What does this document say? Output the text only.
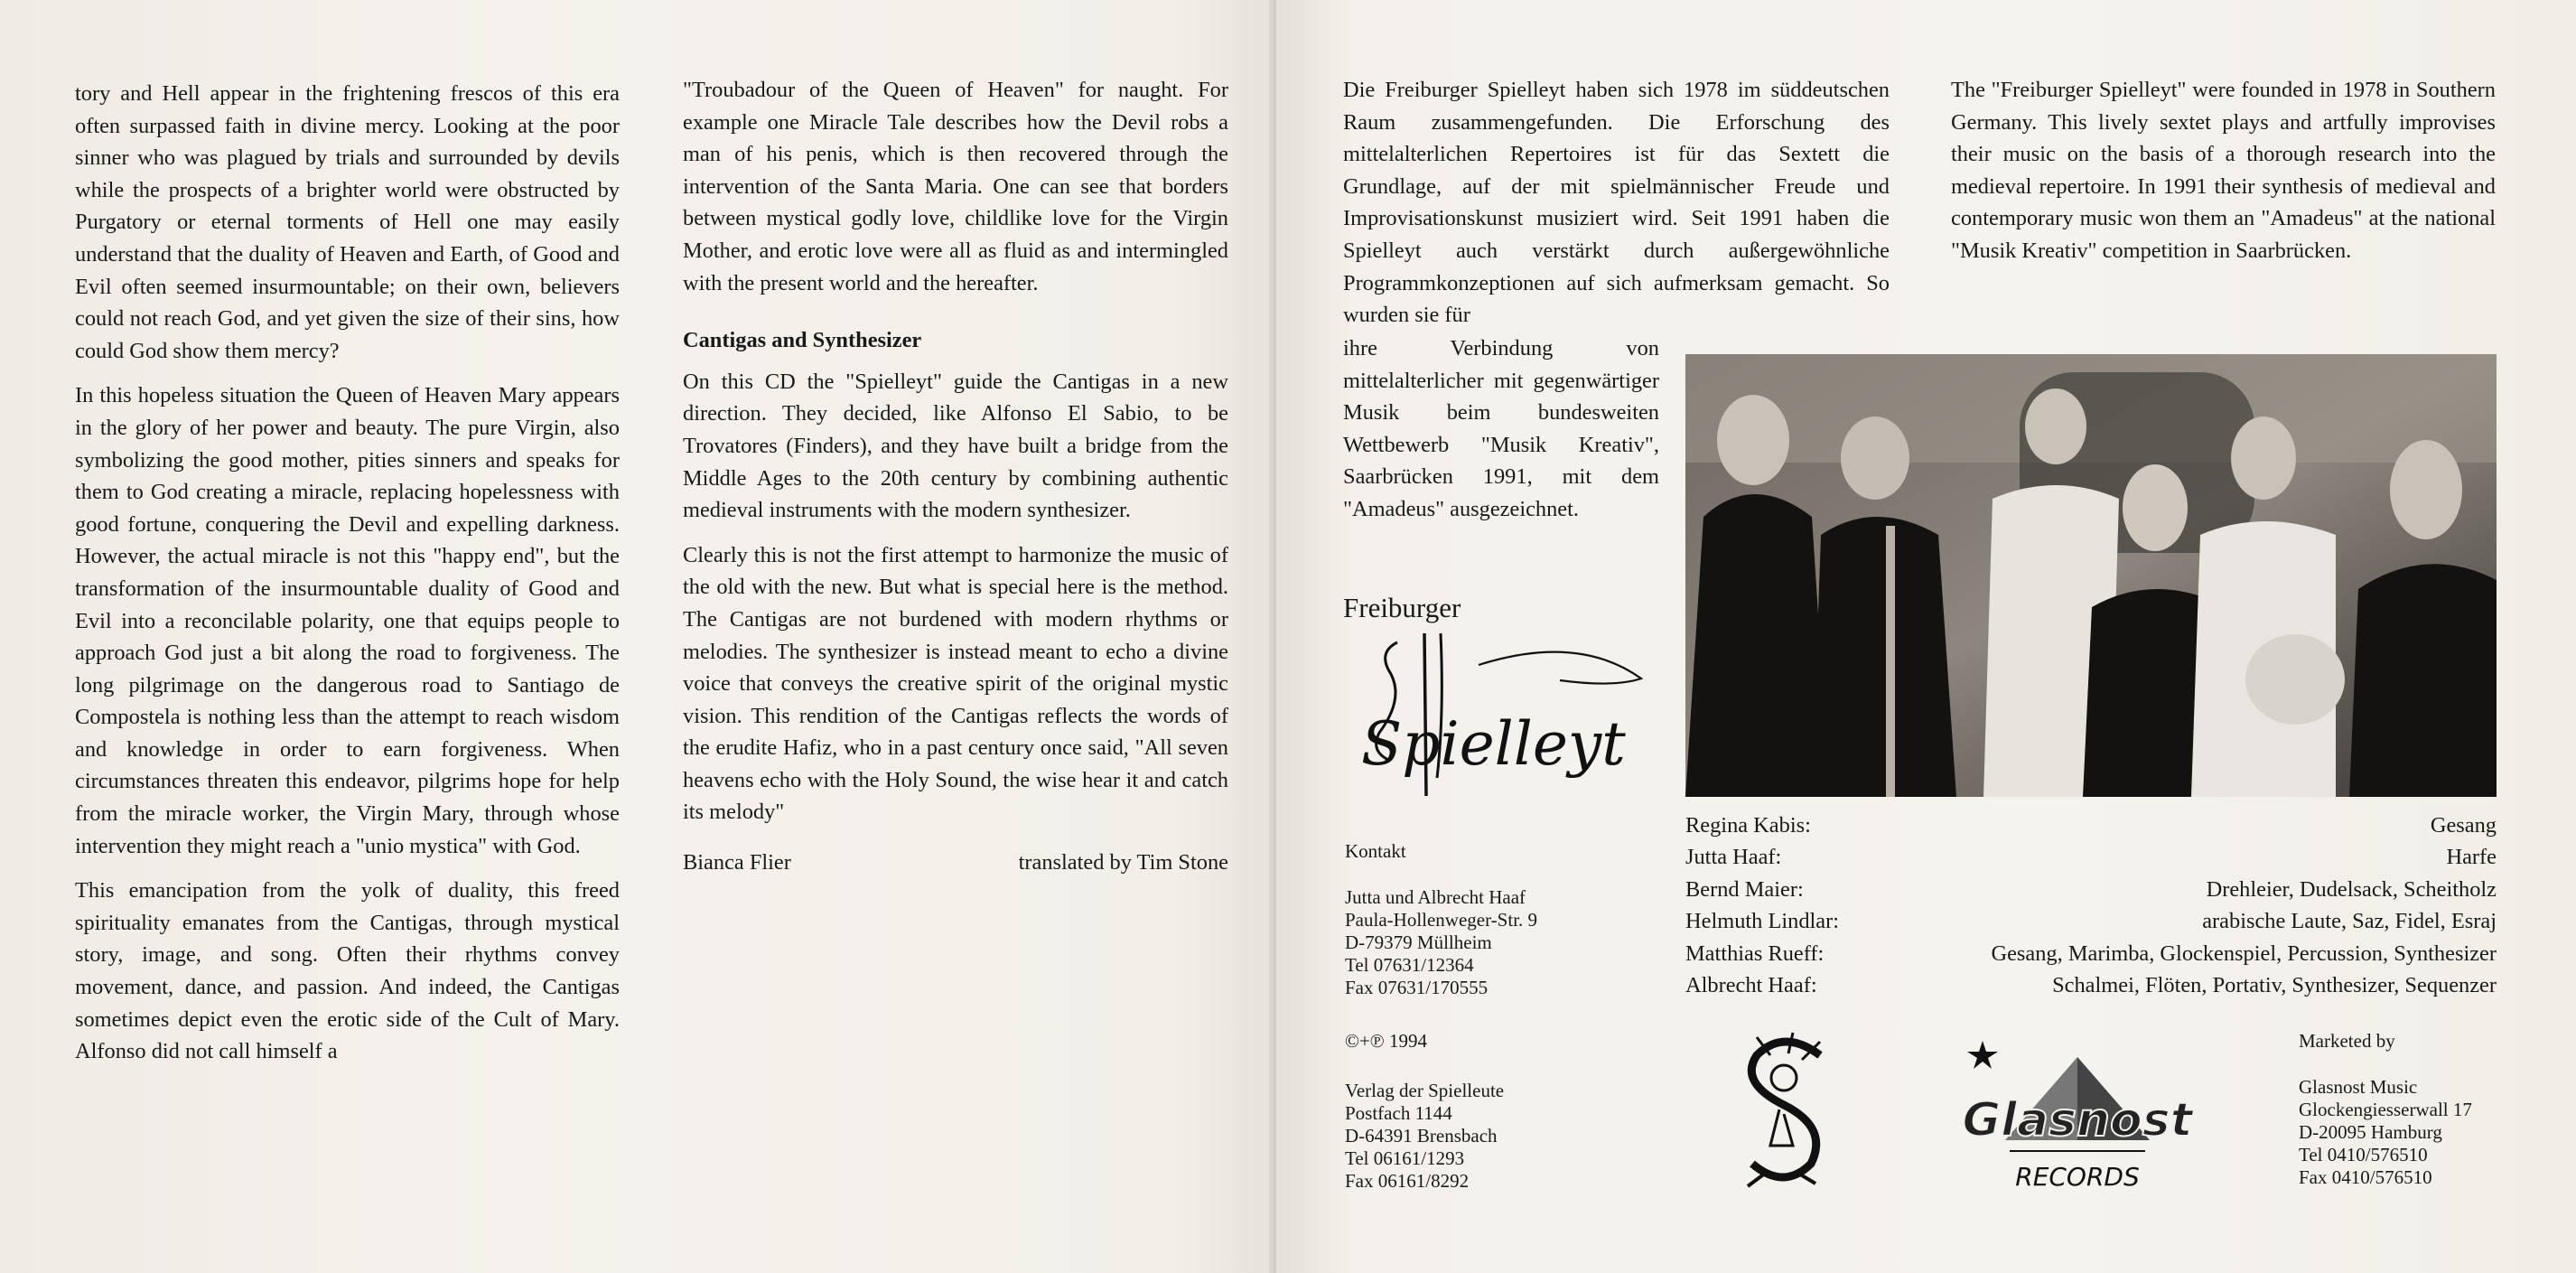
tory and Hell appear in the frightening frescos of this era often surpassed faith in divine mercy. Looking at the poor sinner who was plagued by trials and surrounded by devils while the prospects of a brighter world were obstructed by Purgatory or eternal torments of Hell one may easily understand that the duality of Heaven and Earth, of Good and Evil often seemed insurmountable; on their own, believers could not reach God, and yet given the size of their sins, how could God show them mercy?

In this hopeless situation the Queen of Heaven Mary appears in the glory of her power and beauty. The pure Virgin, also symbolizing the good mother, pities sinners and speaks for them to God creating a miracle, replacing hopelessness with good fortune, conquering the Devil and expelling darkness. However, the actual miracle is not this "happy end", but the transformation of the insurmountable duality of Good and Evil into a reconcilable polarity, one that equips people to approach God just a bit along the road to forgiveness. The long pilgrimage on the dangerous road to Santiago de Compostela is nothing less than the attempt to reach wisdom and knowledge in order to earn forgiveness. When circumstances threaten this endeavor, pilgrims hope for help from the miracle worker, the Virgin Mary, through whose intervention they might reach a "unio mystica" with God.

This emancipation from the yolk of duality, this freed spirituality emanates from the Cantigas, through mystical story, image, and song. Often their rhythms convey movement, dance, and passion. And indeed, the Cantigas sometimes depict even the erotic side of the Cult of Mary. Alfonso did not call himself a

"Troubadour of the Queen of Heaven" for naught. For example one Miracle Tale describes how the Devil robs a man of his penis, which is then recovered through the intervention of the Santa Maria. One can see that borders between mystical godly love, childlike love for the Virgin Mother, and erotic love were all as fluid as and intermingled with the present world and the hereafter.

Cantigas and Synthesizer

On this CD the "Spielleyt" guide the Cantigas in a new direction. They decided, like Alfonso El Sabio, to be Trovatores (Finders), and they have built a bridge from the Middle Ages to the 20th century by combining authentic medieval instruments with the modern synthesizer.

Clearly this is not the first attempt to harmonize the music of the old with the new. But what is special here is the method. The Cantigas are not burdened with modern rhythms or melodies. The synthesizer is instead meant to echo a divine voice that conveys the creative spirit of the original mystic vision. This rendition of the Cantigas reflects the words of the erudite Hafiz, who in a past century once said, "All seven heavens echo with the Holy Sound, the wise hear it and catch its melody"

Bianca Flier	translated by Tim Stone
Die Freiburger Spielleyt haben sich 1978 im süddeutschen Raum zusammengefunden. Die Erforschung des mittelalterlichen Repertoires ist für das Sextett die Grundlage, auf der mit spielmännischer Freude und Improvisationskunst musiziert wird. Seit 1991 haben die Spielleyt auch verstärkt durch außergewöhnliche Programmkonzeptionen auf sich aufmerksam gemacht. So wurden sie für
ihre Verbindung von mittelalterlicher mit gegenwärtiger Musik beim bundesweiten Wettbewerb "Musik Kreativ", Saarbrücken 1991, mit dem "Amadeus" ausgezeichnet.
The "Freiburger Spielleyt" were founded in 1978 in Southern Germany. This lively sextet plays and artfully improvises their music on the basis of a thorough research into the medieval repertoire. In 1991 their synthesis of medieval and contemporary music won them an "Amadeus" at the national "Musik Kreativ" competition in Saarbrücken.
Regina Kabis:	Gesang
Jutta Haaf:	Harfe
Bernd Maier:	Drehleier, Dudelsack, Scheitholz
Helmuth Lindlar:	arabische Laute, Saz, Fidel, Esraj
Matthias Rueff:	Gesang, Marimba, Glockenspiel, Percussion, Synthesizer
Albrecht Haaf:	Schalmei, Flöten, Portativ, Synthesizer, Sequenzer
Freiburger
Spielleyt
Kontakt
Jutta und Albrecht Haaf
Paula-Hollenweger-Str. 9
D-79379 Müllheim
Tel 07631/12364
Fax 07631/170555
©+℗ 1994
Verlag der Spielleute
Postfach 1144
D-64391 Brensbach
Tel 06161/1293
Fax 06161/8292
Glasnost
RECORDS
Marketed by
Glasnost Music
Glockengiesserwall 17
D-20095 Hamburg
Tel 0410/576510
Fax 0410/576510
